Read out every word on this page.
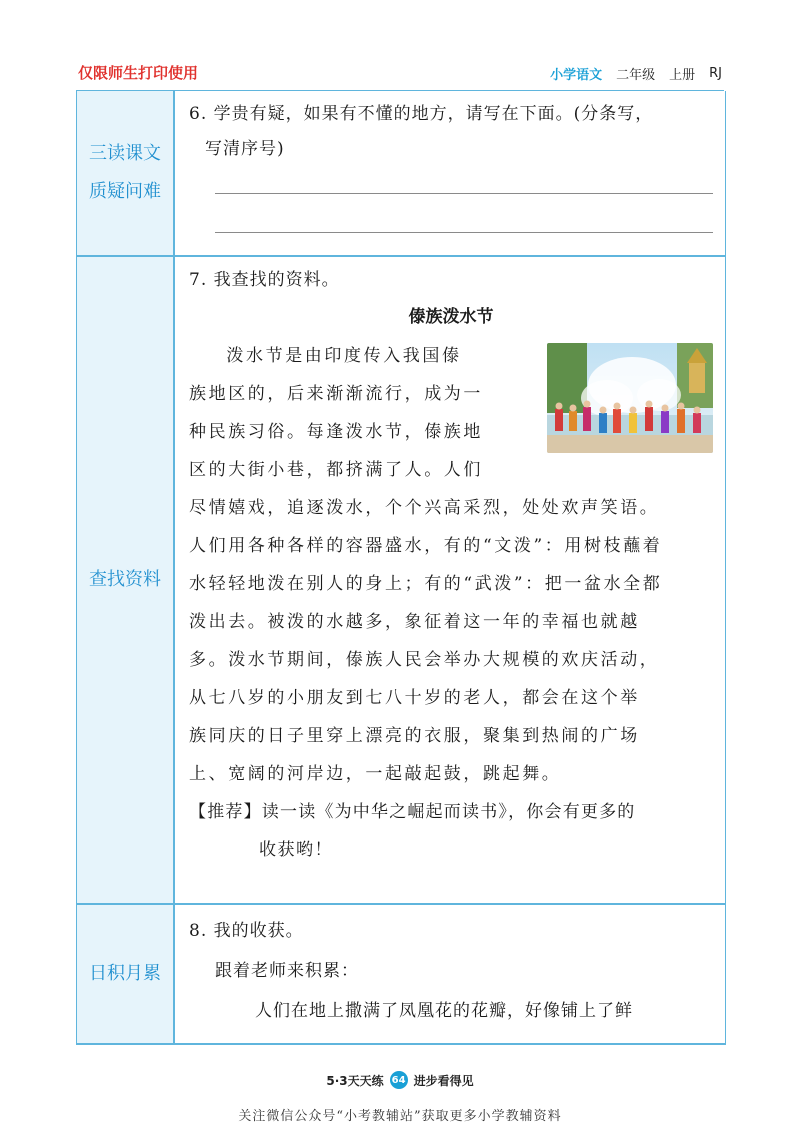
仅限师生打印使用	小学语文 二年级 上册 RJ
三读课文
质疑问难
6. 学贵有疑，如果有不懂的地方，请写在下面。(分条写，
写清序号)
查找资料
7. 我查找的资料。
傣族泼水节
泼水节是由印度传入我国傣
族地区的，后来渐渐流行，成为一
种民族习俗。每逢泼水节，傣族地
区的大街小巷，都挤满了人。人们
尽情嬉戏，追逐泼水，个个兴高采烈，处处欢声笑语。
人们用各种各样的容器盛水，有的“文泼”：用树枝蘸着
水轻轻地泼在别人的身上；有的“武泼”：把一盆水全都
泼出去。被泼的水越多，象征着这一年的幸福也就越
多。泼水节期间，傣族人民会举办大规模的欢庆活动，
从七八岁的小朋友到七八十岁的老人，都会在这个举
族同庆的日子里穿上漂亮的衣服，聚集到热闹的广场
上、宽阔的河岸边，一起敲起鼓，跳起舞。
【推荐】读一读《为中华之崛起而读书》，你会有更多的
收获哟！
日积月累
8. 我的收获。
跟着老师来积累：
人们在地上撒满了凤凰花的花瓣，好像铺上了鲜
5·3天天练 64 进步看得见
关注微信公众号“小考教辅站”获取更多小学教辅资料
